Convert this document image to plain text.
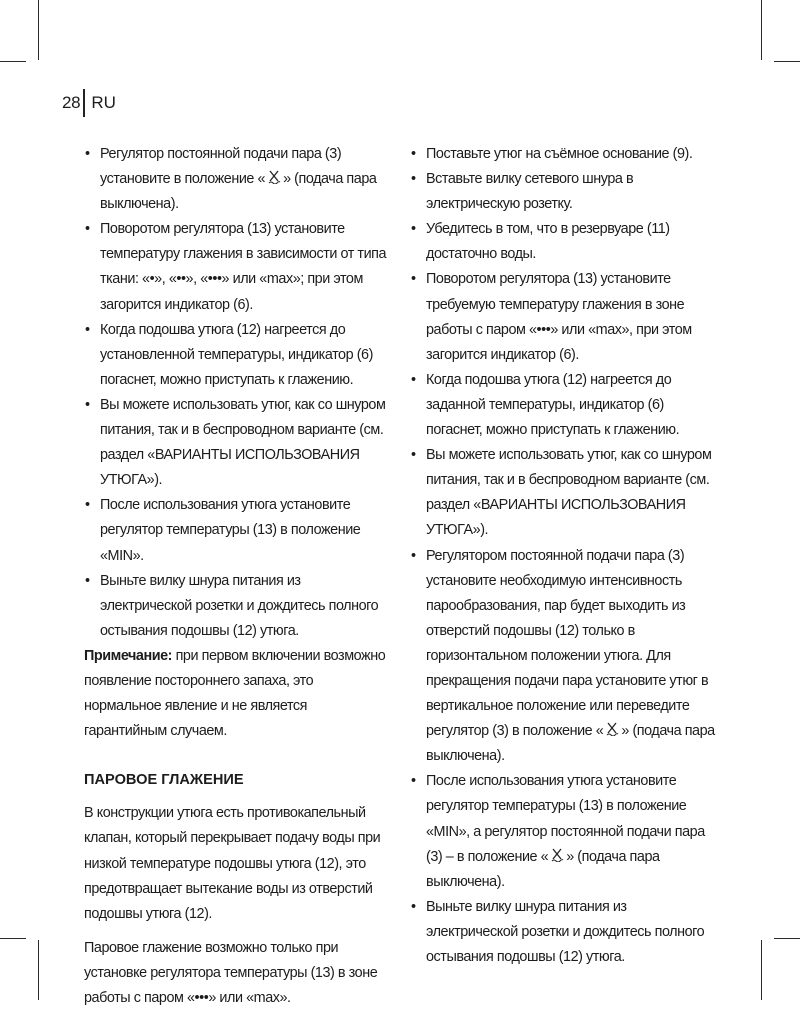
28 RU
• Регулятор постоянной подачи пара (3) установите в положение « » (подача пара выключена).
• Поворотом регулятора (13) установите температуру глажения в зависимости от типа ткани: «•», «••», «•••» или «max»; при этом загорится индикатор (6).
• Когда подошва утюга (12) нагреется до установленной температуры, индикатор (6) погаснет, можно приступать к глажению.
• Вы можете использовать утюг, как со шнуром питания, так и в беспроводном варианте (см. раздел «ВАРИАНТЫ ИСПОЛЬЗОВАНИЯ УТЮГА»).
• После использования утюга установите регулятор температуры (13) в положение «MIN».
• Выньте вилку шнура питания из электрической розетки и дождитесь полного остывания подошвы (12) утюга.

Примечание: при первом включении возможно появление постороннего запаха, это нормальное явление и не является гарантийным случаем.

ПАРОВОЕ ГЛАЖЕНИЕ

В конструкции утюга есть противокапельный клапан, который перекрывает подачу воды при низкой температуре подошвы утюга (12), это предотвращает вытекание воды из отверстий подошвы утюга (12).

Паровое глажение возможно только при установке регулятора температуры (13) в зоне работы с паром «•••» или «max».

• Поставьте утюг на съёмное основание (9).
• Вставьте вилку сетевого шнура в электрическую розетку.
• Убедитесь в том, что в резервуаре (11) достаточно воды.
• Поворотом регулятора (13) установите требуемую температуру глажения в зоне работы с паром «•••» или «max», при этом загорится индикатор (6).
• Когда подошва утюга (12) нагреется до заданной температуры, индикатор (6) погаснет, можно приступать к глажению.
• Вы можете использовать утюг, как со шнуром питания, так и в беспроводном варианте (см. раздел «ВАРИАНТЫ ИСПОЛЬЗОВАНИЯ УТЮГА»).
• Регулятором постоянной подачи пара (3) установите необходимую интенсивность парообразования, пар будет выходить из отверстий подошвы (12) только в горизонтальном положении утюга. Для прекращения подачи пара установите утюг в вертикальное положение или переведите регулятор (3) в положение « » (подача пара выключена).
• После использования утюга установите регулятор температуры (13) в положение «MIN», а регулятор постоянной подачи пара (3) – в положение « » (подача пара выключена).
• Выньте вилку шнура питания из электрической розетки и дождитесь полного остывания подошвы (12) утюга.
